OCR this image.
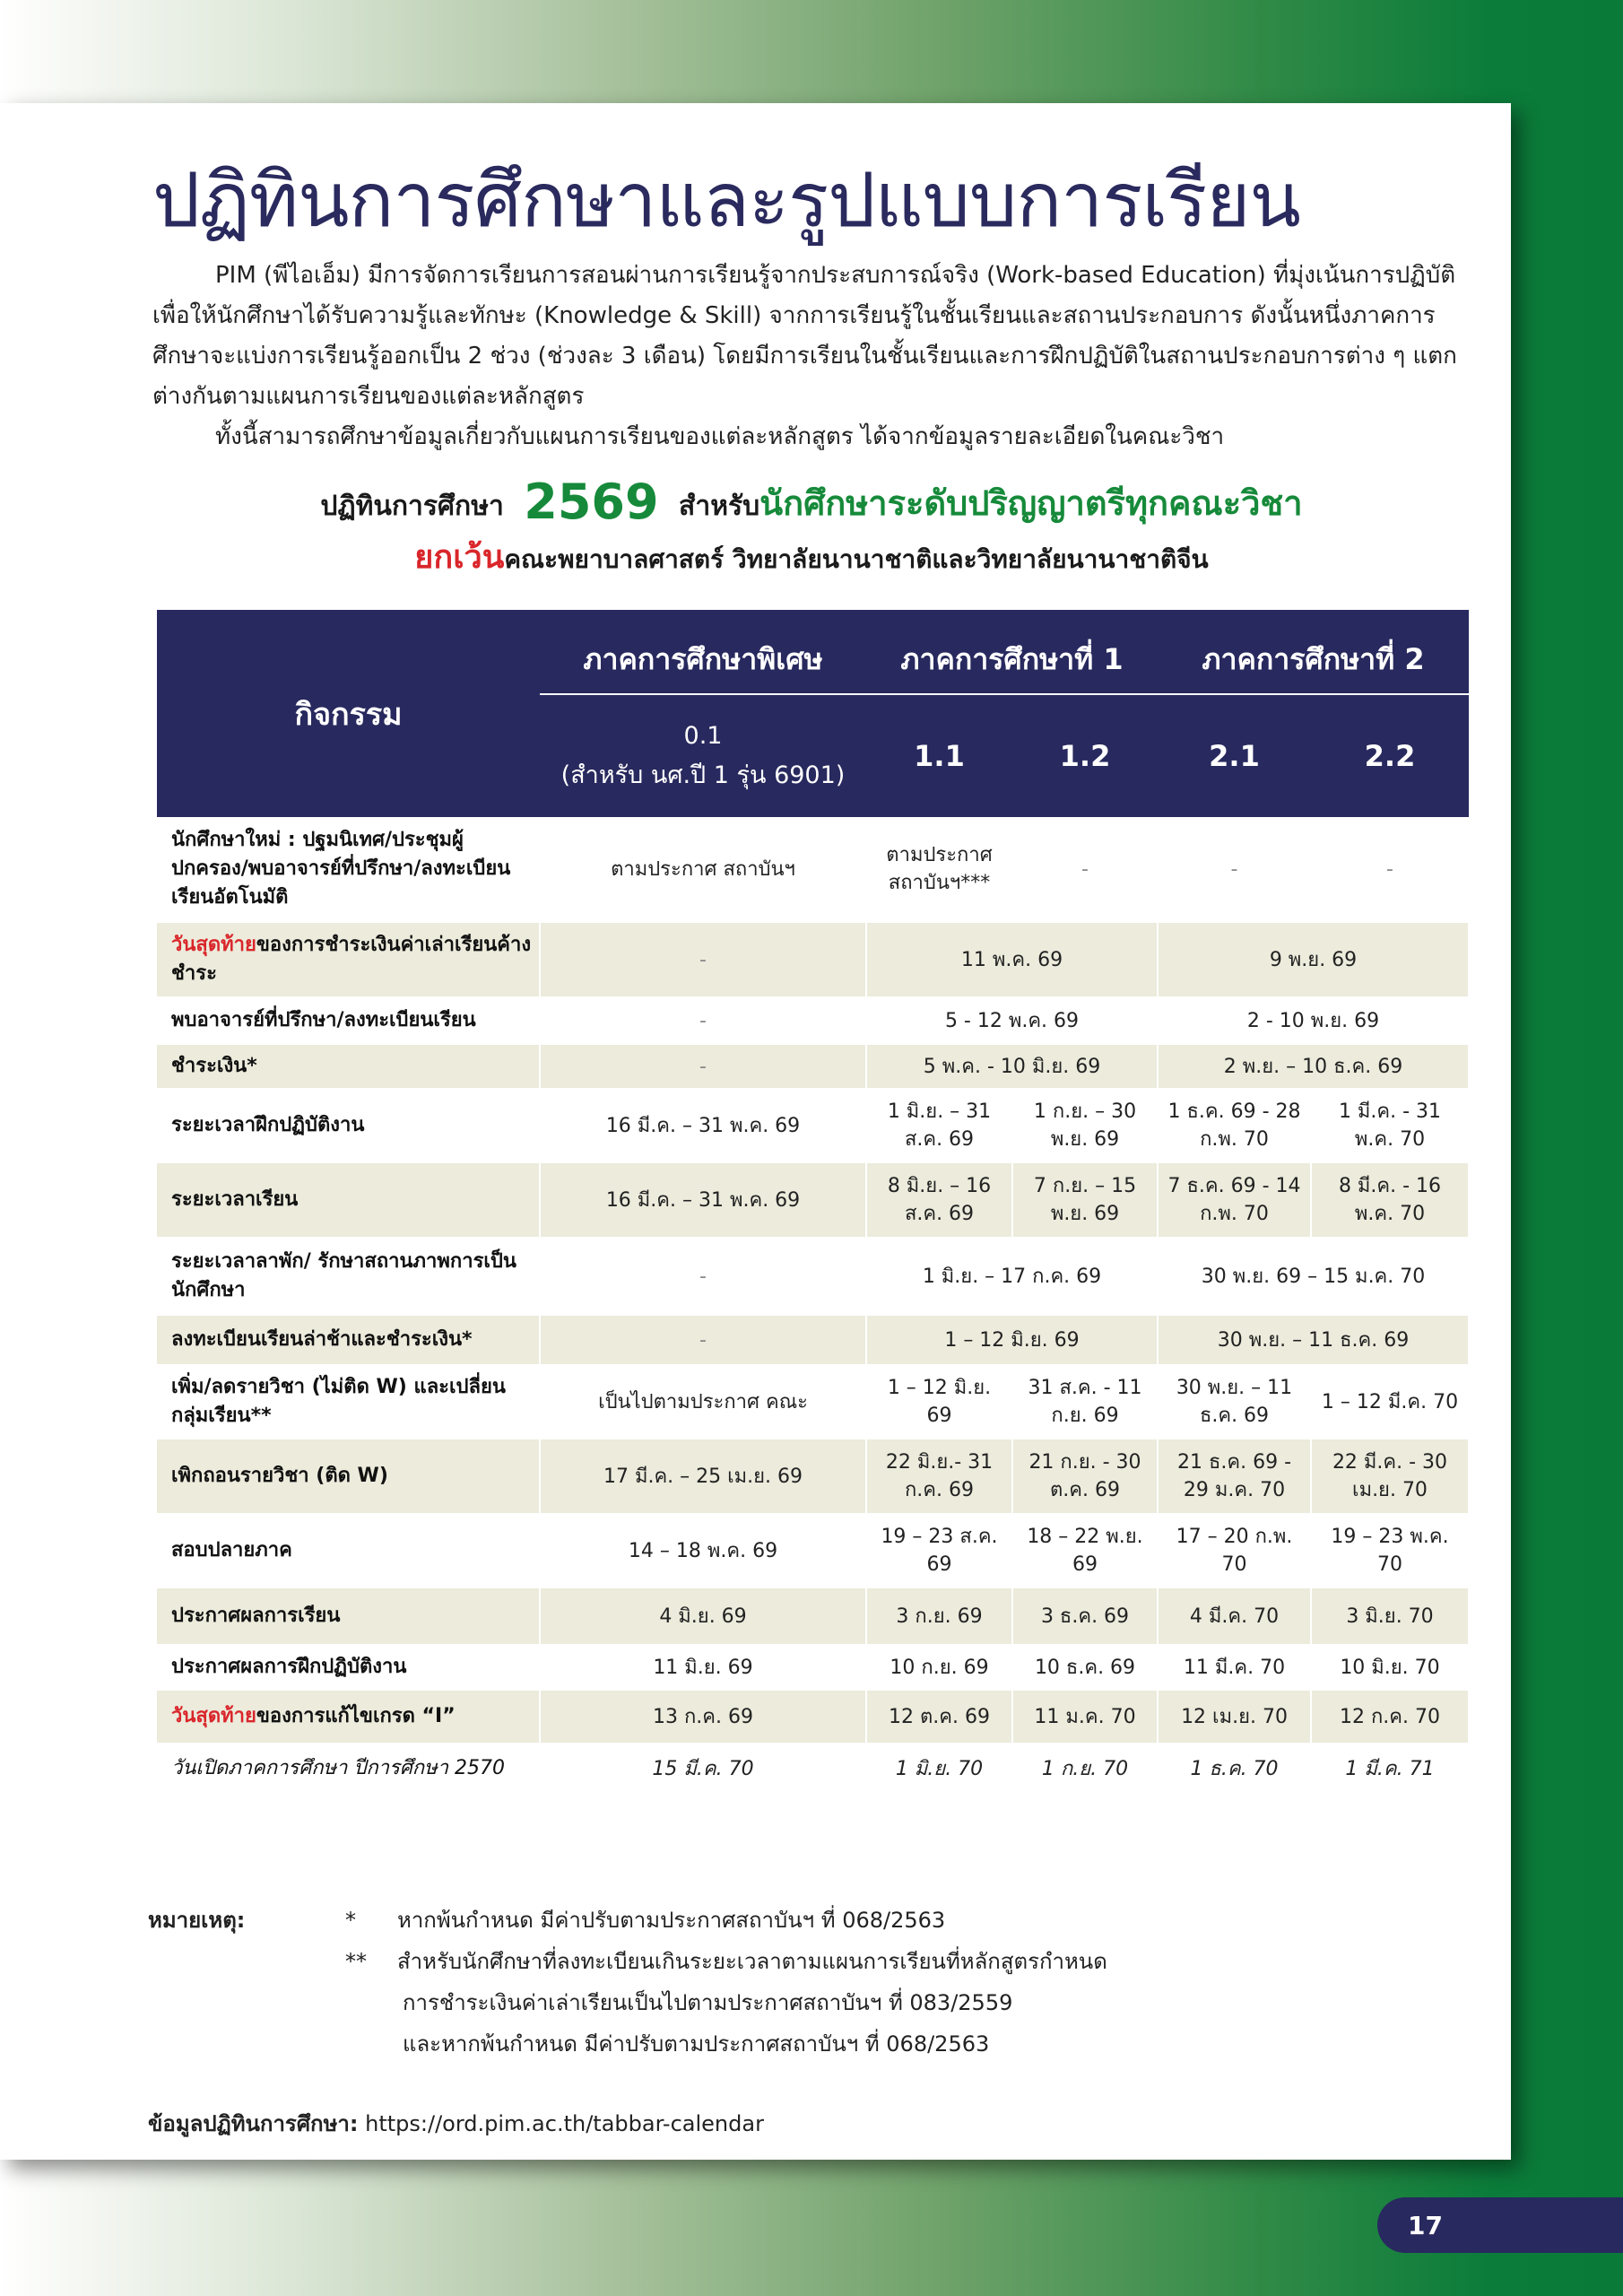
ปฏิทินการศึกษาและรูปแบบการเรียน

PIM (พีไอเอ็ม) มีการจัดการเรียนการสอนผ่านการเรียนรู้จากประสบการณ์จริง (Work-based Education) ที่มุ่งเน้นการปฏิบัติ เพื่อให้นักศึกษาได้รับความรู้และทักษะ (Knowledge & Skill) จากการเรียนรู้ในชั้นเรียนและสถานประกอบการ ดังนั้นหนึ่งภาคการศึกษาจะแบ่งการเรียนรู้ออกเป็น 2 ช่วง (ช่วงละ 3 เดือน) โดยมีการเรียนในชั้นเรียนและการฝึกปฏิบัติในสถานประกอบการต่าง ๆ แตกต่างกันตามแผนการเรียนของแต่ละหลักสูตร

ทั้งนี้สามารถศึกษาข้อมูลเกี่ยวกับแผนการเรียนของแต่ละหลักสูตร ได้จากข้อมูลรายละเอียดในคณะวิชา

ปฏิทินการศึกษา 2569 สำหรับนักศึกษาระดับปริญญาตรีทุกคณะวิชา
ยกเว้นคณะพยาบาลศาสตร์ วิทยาลัยนานาชาติและวิทยาลัยนานาชาติจีน
กิจกรรม	ภาคการศึกษาพิเศษ	ภาคการศึกษาที่ 1		ภาคการศึกษาที่ 2	

	0.1
(สำหรับ นศ.ปี 1 รุ่น 6901)	1.1	1.2	2.1	2.2
นักศึกษาใหม่ : ปฐมนิเทศ/ประชุมผู้ปกครอง/พบอาจารย์ที่ปรึกษา/ลงทะเบียนเรียนอัตโนมัติ	ตามประกาศ สถาบันฯ	ตามประกาศ สถาบันฯ***	-	-	-
วันสุดท้ายของการชำระเงินค่าเล่าเรียนค้างชำระ	-	11 พ.ค. 69		9 พ.ย. 69	
พบอาจารย์ที่ปรึกษา/ลงทะเบียนเรียน	-	5 - 12 พ.ค. 69		2 - 10 พ.ย. 69	
ชำระเงิน*	-	5 พ.ค. - 10 มิ.ย. 69		2 พ.ย. – 10 ธ.ค. 69	
ระยะเวลาฝึกปฏิบัติงาน	16 มี.ค. – 31 พ.ค. 69	1 มิ.ย. – 31 ส.ค. 69	1 ก.ย. – 30 พ.ย. 69	1 ธ.ค. 69 - 28 ก.พ. 70	1 มี.ค. - 31 พ.ค. 70
ระยะเวลาเรียน	16 มี.ค. – 31 พ.ค. 69	8 มิ.ย. – 16 ส.ค. 69	7 ก.ย. – 15 พ.ย. 69	7 ธ.ค. 69 - 14 ก.พ. 70	8 มี.ค. - 16 พ.ค. 70
ระยะเวลาลาพัก/ รักษาสถานภาพการเป็นนักศึกษา	-	1 มิ.ย. – 17 ก.ค. 69		30 พ.ย. 69 – 15 ม.ค. 70	
ลงทะเบียนเรียนล่าช้าและชำระเงิน*	-	1 – 12 มิ.ย. 69		30 พ.ย. – 11 ธ.ค. 69	
เพิ่ม/ลดรายวิชา (ไม่ติด W) และเปลี่ยนกลุ่มเรียน**	เป็นไปตามประกาศ คณะ	1 – 12 มิ.ย. 69	31 ส.ค. - 11 ก.ย. 69	30 พ.ย. – 11 ธ.ค. 69	1 – 12 มี.ค. 70
เพิกถอนรายวิชา (ติด W)	17 มี.ค. – 25 เม.ย. 69	22 มิ.ย.- 31 ก.ค. 69	21 ก.ย. - 30 ต.ค. 69	21 ธ.ค. 69 - 29 ม.ค. 70	22 มี.ค. - 30 เม.ย. 70
สอบปลายภาค	14 – 18 พ.ค. 69	19 – 23 ส.ค. 69	18 – 22 พ.ย. 69	17 – 20 ก.พ. 70	19 – 23 พ.ค. 70
ประกาศผลการเรียน	4 มิ.ย. 69	3 ก.ย. 69	3 ธ.ค. 69	4 มี.ค. 70	3 มิ.ย. 70
ประกาศผลการฝึกปฏิบัติงาน	11 มิ.ย. 69	10 ก.ย. 69	10 ธ.ค. 69	11 มี.ค. 70	10 มิ.ย. 70
วันสุดท้ายของการแก้ไขเกรด “I”	13 ก.ค. 69	12 ต.ค. 69	11 ม.ค. 70	12 เม.ย. 70	12 ก.ค. 70
วันเปิดภาคการศึกษา ปีการศึกษา 2570	15 มี.ค. 70	1 มิ.ย. 70	1 ก.ย. 70	1 ธ.ค. 70	1 มี.ค. 71
หมายเหตุ:	* หากพ้นกำหนด มีค่าปรับตามประกาศสถาบันฯ ที่ 068/2563
** สำหรับนักศึกษาที่ลงทะเบียนเกินระยะเวลาตามแผนการเรียนที่หลักสูตรกำหนด
การชำระเงินค่าเล่าเรียนเป็นไปตามประกาศสถาบันฯ ที่ 083/2559
และหากพ้นกำหนด มีค่าปรับตามประกาศสถาบันฯ ที่ 068/2563
ข้อมูลปฏิทินการศึกษา: https://ord.pim.ac.th/tabbar-calendar
17
